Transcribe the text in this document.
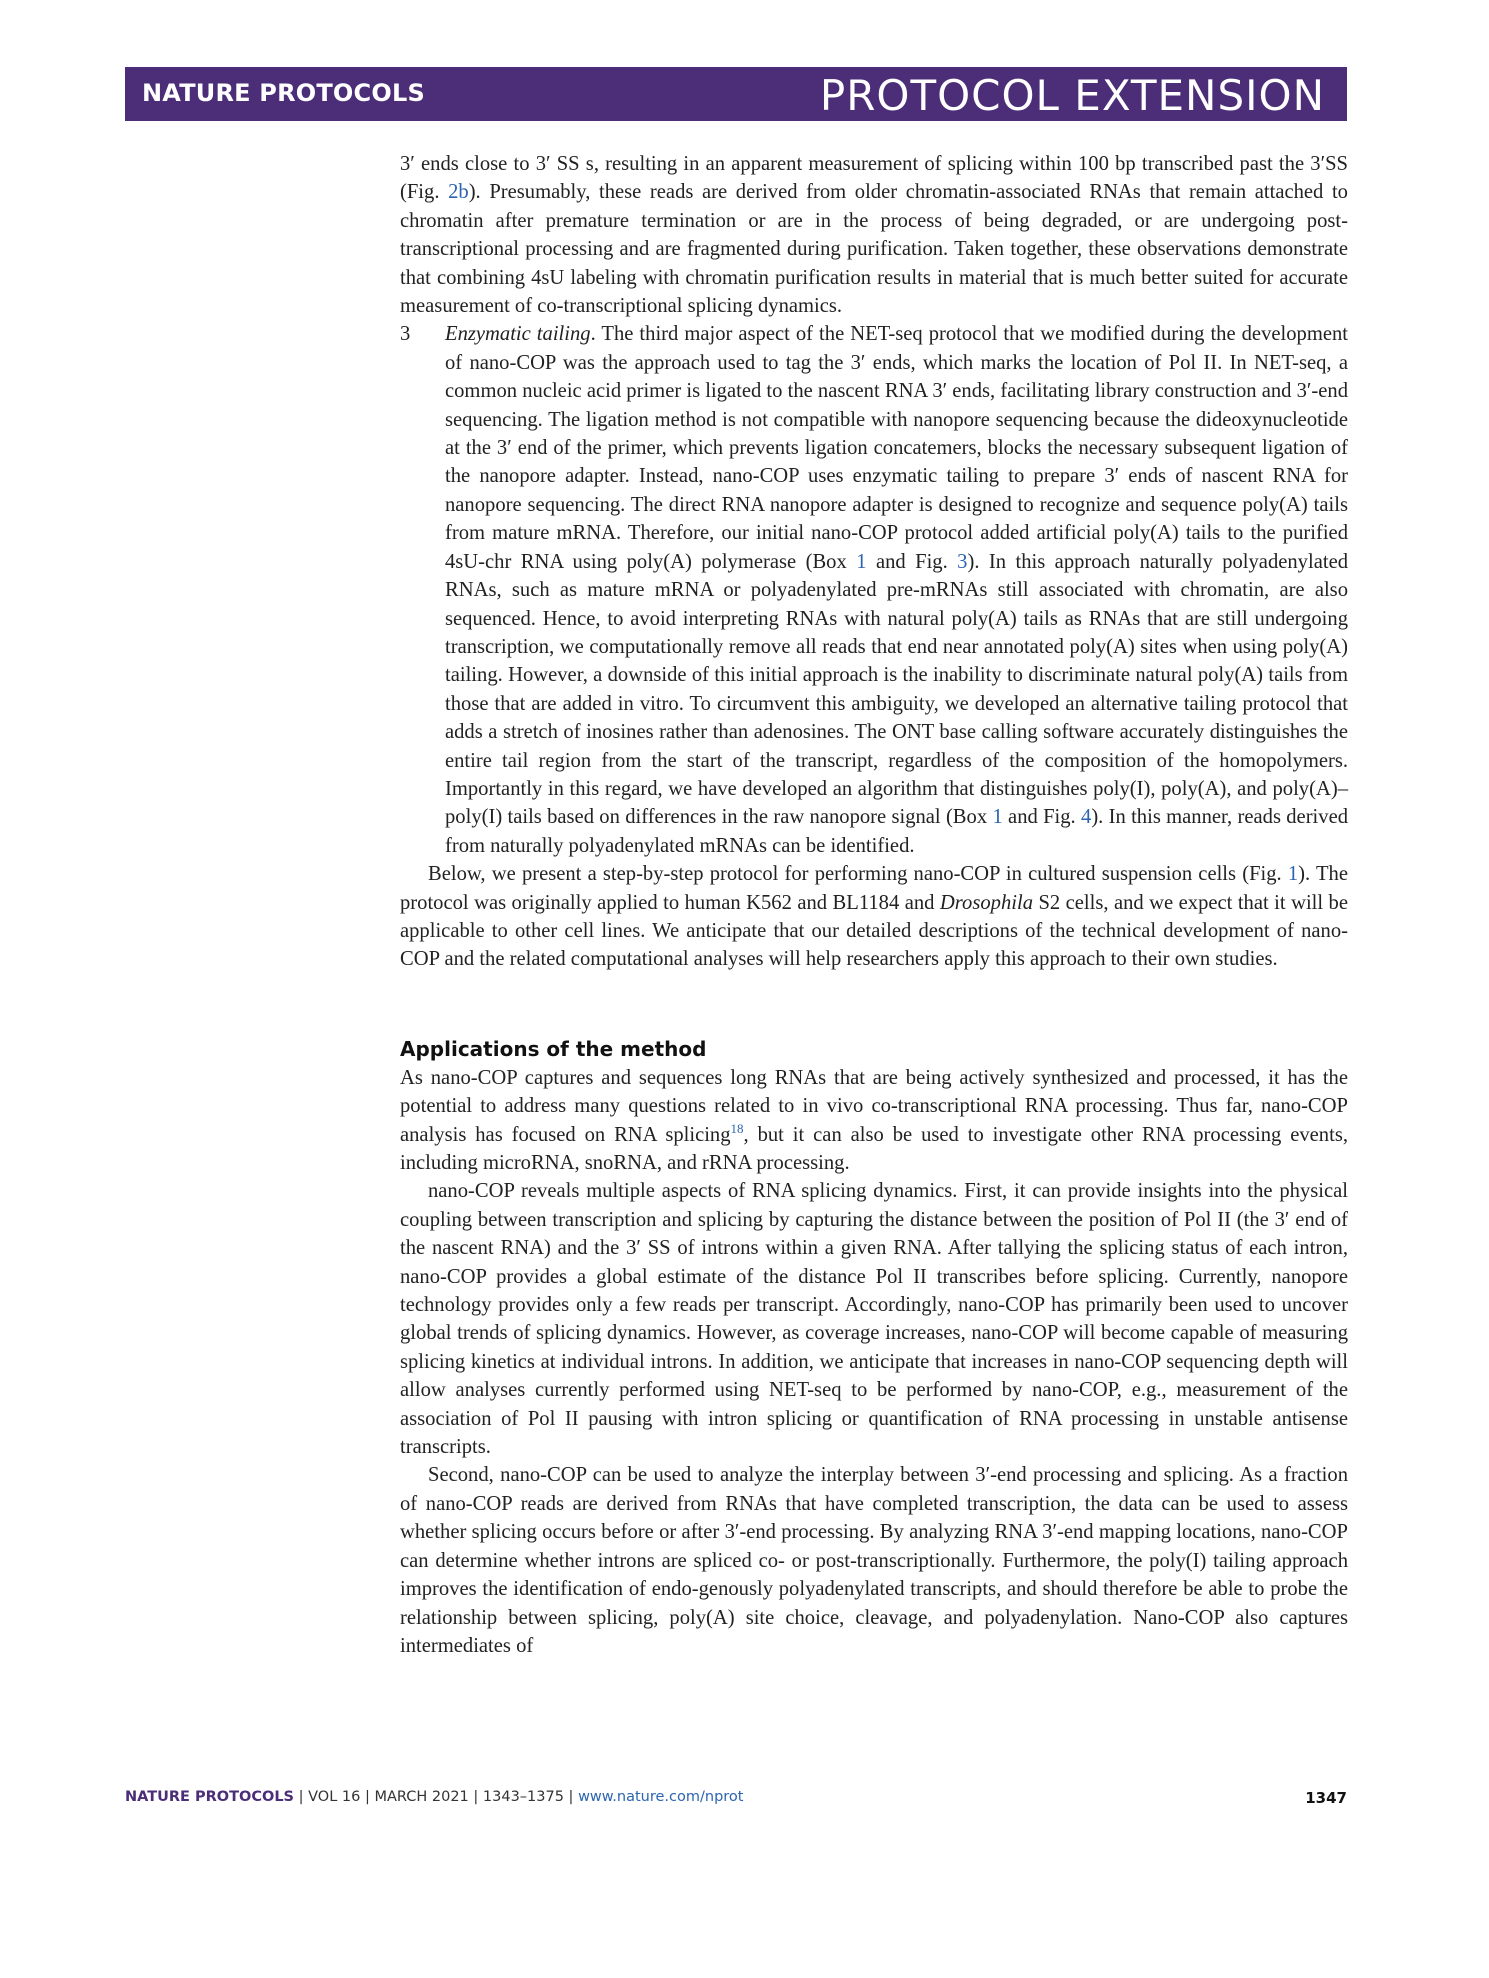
NATURE PROTOCOLS	PROTOCOL EXTENSION

3′ ends close to 3′ SS s, resulting in an apparent measurement of splicing within 100 bp transcribed past the 3′SS (Fig. 2b). Presumably, these reads are derived from older chromatin-associated RNAs that remain attached to chromatin after premature termination or are in the process of being degraded, or are undergoing post-transcriptional processing and are fragmented during purification. Taken together, these observations demonstrate that combining 4sU labeling with chromatin purification results in material that is much better suited for accurate measurement of co-transcriptional splicing dynamics.

3	Enzymatic tailing. The third major aspect of the NET-seq protocol that we modified during the development of nano-COP was the approach used to tag the 3′ ends, which marks the location of Pol II. In NET-seq, a common nucleic acid primer is ligated to the nascent RNA 3′ ends, facilitating library construction and 3′-end sequencing. The ligation method is not compatible with nanopore sequencing because the dideoxynucleotide at the 3′ end of the primer, which prevents ligation concatemers, blocks the necessary subsequent ligation of the nanopore adapter. Instead, nano-COP uses enzymatic tailing to prepare 3′ ends of nascent RNA for nanopore sequencing. The direct RNA nanopore adapter is designed to recognize and sequence poly(A) tails from mature mRNA. Therefore, our initial nano-COP protocol added artificial poly(A) tails to the purified 4sU-chr RNA using poly(A) polymerase (Box 1 and Fig. 3). In this approach naturally polyadenylated RNAs, such as mature mRNA or polyadenylated pre-mRNAs still associated with chromatin, are also sequenced. Hence, to avoid interpreting RNAs with natural poly(A) tails as RNAs that are still undergoing transcription, we computationally remove all reads that end near annotated poly(A) sites when using poly(A) tailing. However, a downside of this initial approach is the inability to discriminate natural poly(A) tails from those that are added in vitro. To circumvent this ambiguity, we developed an alternative tailing protocol that adds a stretch of inosines rather than adenosines. The ONT base calling software accurately distinguishes the entire tail region from the start of the transcript, regardless of the composition of the homopolymers. Importantly in this regard, we have developed an algorithm that distinguishes poly(I), poly(A), and poly(A)–poly(I) tails based on differences in the raw nanopore signal (Box 1 and Fig. 4). In this manner, reads derived from naturally polyadenylated mRNAs can be identified.

Below, we present a step-by-step protocol for performing nano-COP in cultured suspension cells (Fig. 1). The protocol was originally applied to human K562 and BL1184 and Drosophila S2 cells, and we expect that it will be applicable to other cell lines. We anticipate that our detailed descriptions of the technical development of nano-COP and the related computational analyses will help researchers apply this approach to their own studies.

Applications of the method

As nano-COP captures and sequences long RNAs that are being actively synthesized and processed, it has the potential to address many questions related to in vivo co-transcriptional RNA processing. Thus far, nano-COP analysis has focused on RNA splicing$^{18}$, but it can also be used to investigate other RNA processing events, including microRNA, snoRNA, and rRNA processing.

nano-COP reveals multiple aspects of RNA splicing dynamics. First, it can provide insights into the physical coupling between transcription and splicing by capturing the distance between the position of Pol II (the 3′ end of the nascent RNA) and the 3′ SS of introns within a given RNA. After tallying the splicing status of each intron, nano-COP provides a global estimate of the distance Pol II transcribes before splicing. Currently, nanopore technology provides only a few reads per transcript. Accordingly, nano-COP has primarily been used to uncover global trends of splicing dynamics. However, as coverage increases, nano-COP will become capable of measuring splicing kinetics at individual introns. In addition, we anticipate that increases in nano-COP sequencing depth will allow analyses currently performed using NET-seq to be performed by nano-COP, e.g., measurement of the association of Pol II pausing with intron splicing or quantification of RNA processing in unstable antisense transcripts.

Second, nano-COP can be used to analyze the interplay between 3′-end processing and splicing. As a fraction of nano-COP reads are derived from RNAs that have completed transcription, the data can be used to assess whether splicing occurs before or after 3′-end processing. By analyzing RNA 3′-end mapping locations, nano-COP can determine whether introns are spliced co- or post-transcriptionally. Furthermore, the poly(I) tailing approach improves the identification of endo-genously polyadenylated transcripts, and should therefore be able to probe the relationship between splicing, poly(A) site choice, cleavage, and polyadenylation. Nano-COP also captures intermediates of

NATURE PROTOCOLS | VOL 16 | MARCH 2021 | 1343–1375 | www.nature.com/nprot	1347
